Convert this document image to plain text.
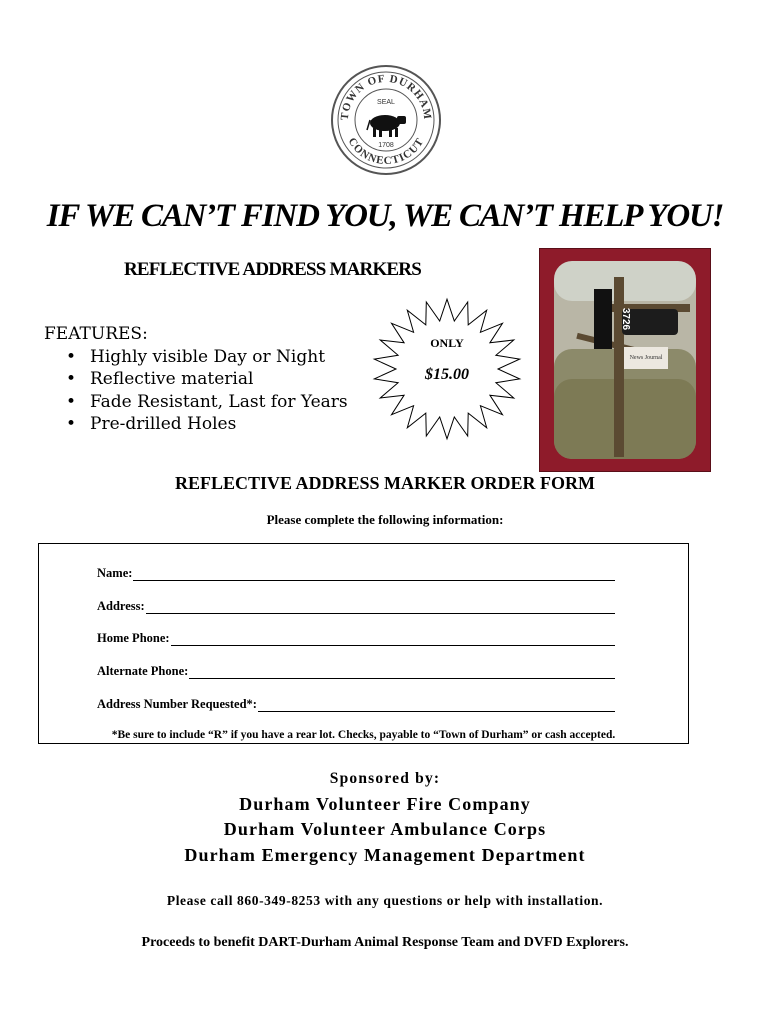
TOWN OF DURHAM
CONNECTICUT
SEAL
1708
IF WE CAN’T FIND YOU, WE CAN’T HELP YOU!
REFLECTIVE ADDRESS MARKERS
FEATURES:
• Highly visible Day or Night
• Reflective material
• Fade Resistant, Last for Years
• Pre-drilled Holes
ONLY
$15.00
News Journal
3726
REFLECTIVE ADDRESS MARKER ORDER FORM
Please complete the following information:
Name:
Address:
Home Phone:
Alternate Phone:
Address Number Requested*:
*Be sure to include “R” if you have a rear lot. Checks, payable to “Town of Durham” or cash accepted.
Sponsored by:
Durham Volunteer Fire Company
Durham Volunteer Ambulance Corps
Durham Emergency Management Department
Please call 860-349-8253 with any questions or help with installation.
Proceeds to benefit DART-Durham Animal Response Team and DVFD Explorers.
